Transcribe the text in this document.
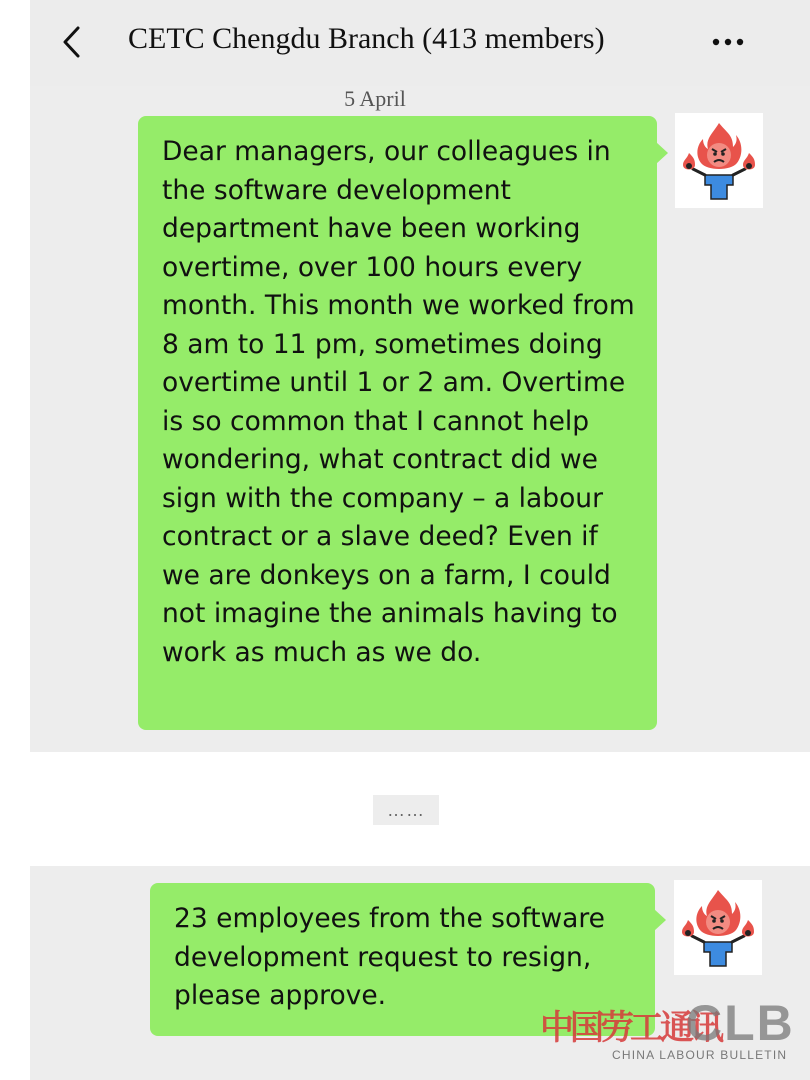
CETC Chengdu Branch (413 members)
5 April
Dear managers, our colleagues in the software development department have been working overtime, over 100 hours every month. This month we worked from 8 am to 11 pm, sometimes doing overtime until 1 or 2 am. Overtime is so common that I cannot help wondering, what contract did we sign with the company – a labour contract or a slave deed? Even if we are donkeys on a farm, I could not imagine the animals having to work as much as we do.
……
23 employees from the software development request to resign, please approve.
中国劳工通讯
CLB
CHINA LABOUR BULLETIN
